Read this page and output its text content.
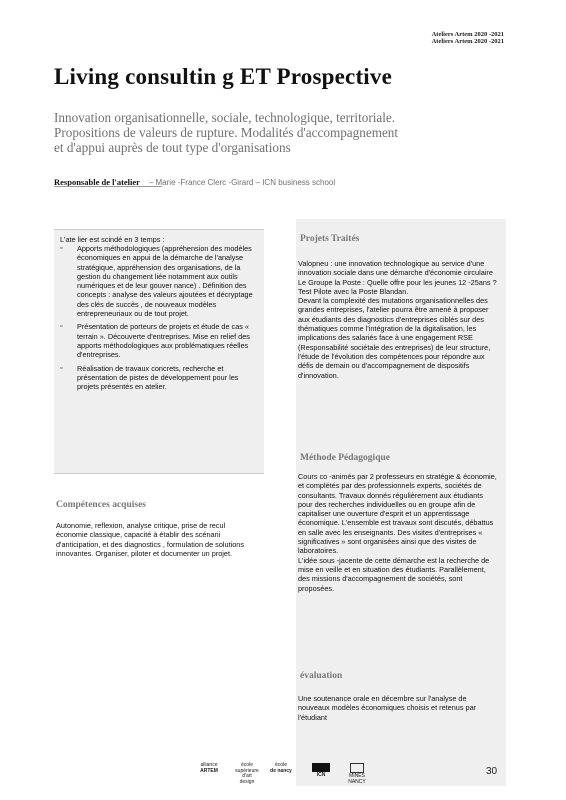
Ateliers Artem 2020 -2021
Ateliers Artem 2020 -2021
Living consultin g ET Prospective
Innovation organisationnelle, sociale, technologique, territoriale.
Propositions de valeurs de rupture. Modalités d'accompagnement
et d'appui auprès de tout type d'organisations
Responsable de l'atelier – Marie -France Clerc -Girard – ICN business school
L'ate lier est scindé en 3 temps :
▫ Apports méthodologiques (appréhension des modèles économiques en appui de la démarche de l'analyse stratégique, appréhension des organisations, de la gestion du changement liée notamment aux outils numériques et de leur gouver nance) . Définition des concepts : analyse des valeurs ajoutées et décryptage des clés de succès , de nouveaux modèles entrepreneuriaux ou de tout projet.
▫ Présentation de porteurs de projets et étude de cas « terrain ». Découverte d'entreprises. Mise en relief des apports méthodologiques aux problématiques réelles d'entreprises.
▫ Réalisation de travaux concrets, recherche et présentation de pistes de développement pour les projets présentés en atelier.
Compétences acquises
Autonomie, reflexion, analyse critique, prise de recul économie classique, capacité à établir des scénarii d'anticipation, et des diagnostics , formulation de solutions innovantes. Organiser, piloter et documenter un projet.
Projets Traités
Valopneu : une innovation technologique au service d'une innovation sociale dans une démarche d'économie circulaire
Le Groupe la Poste : Quelle offre pour les jeunes 12 -25ans ? Test Pilote avec la Poste Blandan.
Devant la complexité des mutations organisationnelles des grandes entreprises, l'atelier pourra être amené à proposer aux étudiants des diagnostics d'entreprises ciblés sur des thématiques comme l'intégration de la digitalisation, les implications des salariés face à une engagement RSE (Responsabilité sociétale des entreprises) de leur structure, l'étude de l'évolution des compétences pour répondre aux défis de demain ou d'accompagnement de dispositifs d'innovation.
Méthode Pédagogique
Cours co -animés par 2 professeurs en stratégie & économie, et complétés par des professionnels experts, sociétés de consultants. Travaux donnés régulièrement aux étudiants pour des recherches individuelles ou en groupe afin de capitaliser une ouverture d'esprit et un apprentissage économique. L'ensemble est travaux sont discutés, débattus en salle avec les enseignants. Des visites d'entreprises « significatives » sont organisées ainsi que des visites de laboratoires.
L'idée sous -jacente de cette démarche est la recherche de mise en veille et en situation des étudiants. Parallèlement, des missions d'accompagnement de sociétés, sont proposées.
évaluation
Une soutenance orale en décembre sur l'analyse de nouveaux modèles économiques choisis et retenus par l'étudiant
alliance
ARTEM
école
supérieure d'art
design
école
de nancy
ICN	MINES
NANCY
30
